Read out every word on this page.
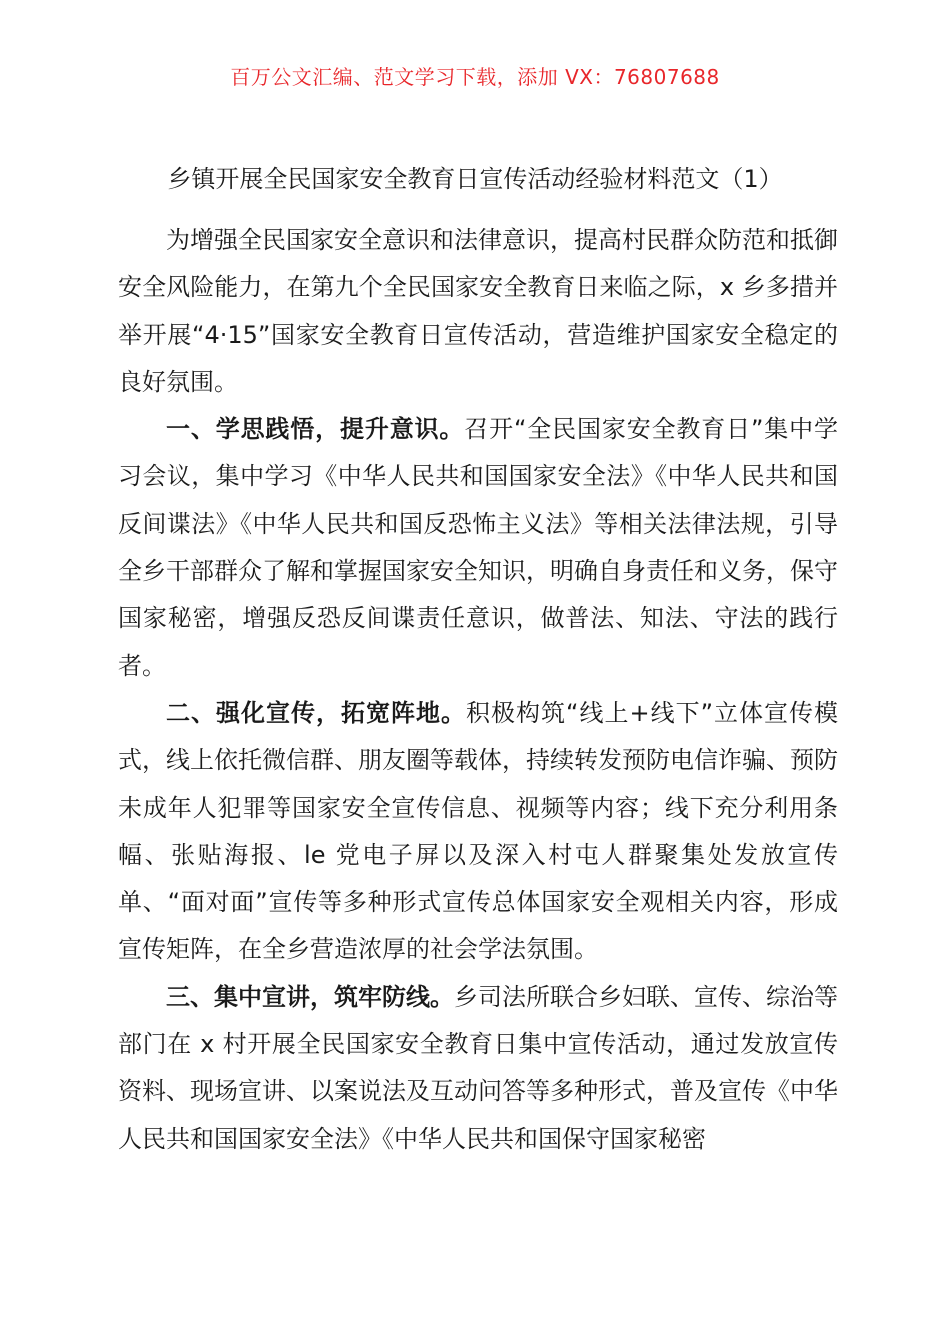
百万公文汇编、范文学习下载，添加 VX：76807688
乡镇开展全民国家安全教育日宣传活动经验材料范文（1）

为增强全民国家安全意识和法律意识，提高村民群众防范和抵御安全风险能力，在第九个全民国家安全教育日来临之际，x 乡多措并举开展“4·15”国家安全教育日宣传活动，营造维护国家安全稳定的良好氛围。

一、学思践悟，提升意识。召开“全民国家安全教育日”集中学习会议，集中学习《中华人民共和国国家安全法》《中华人民共和国反间谍法》《中华人民共和国反恐怖主义法》等相关法律法规，引导全乡干部群众了解和掌握国家安全知识，明确自身责任和义务，保守国家秘密，增强反恐反间谍责任意识，做普法、知法、守法的践行者。

二、强化宣传，拓宽阵地。积极构筑“线上+线下”立体宣传模式，线上依托微信群、朋友圈等载体，持续转发预防电信诈骗、预防未成年人犯罪等国家安全宣传信息、视频等内容；线下充分利用条幅、张贴海报、le 党电子屏以及深入村屯人群聚集处发放宣传单、“面对面”宣传等多种形式宣传总体国家安全观相关内容，形成宣传矩阵，在全乡营造浓厚的社会学法氛围。

三、集中宣讲，筑牢防线。乡司法所联合乡妇联、宣传、综治等部门在 x 村开展全民国家安全教育日集中宣传活动，通过发放宣传资料、现场宣讲、以案说法及互动问答等多种形式，普及宣传《中华人民共和国国家安全法》《中华人民共和国保守国家秘密
